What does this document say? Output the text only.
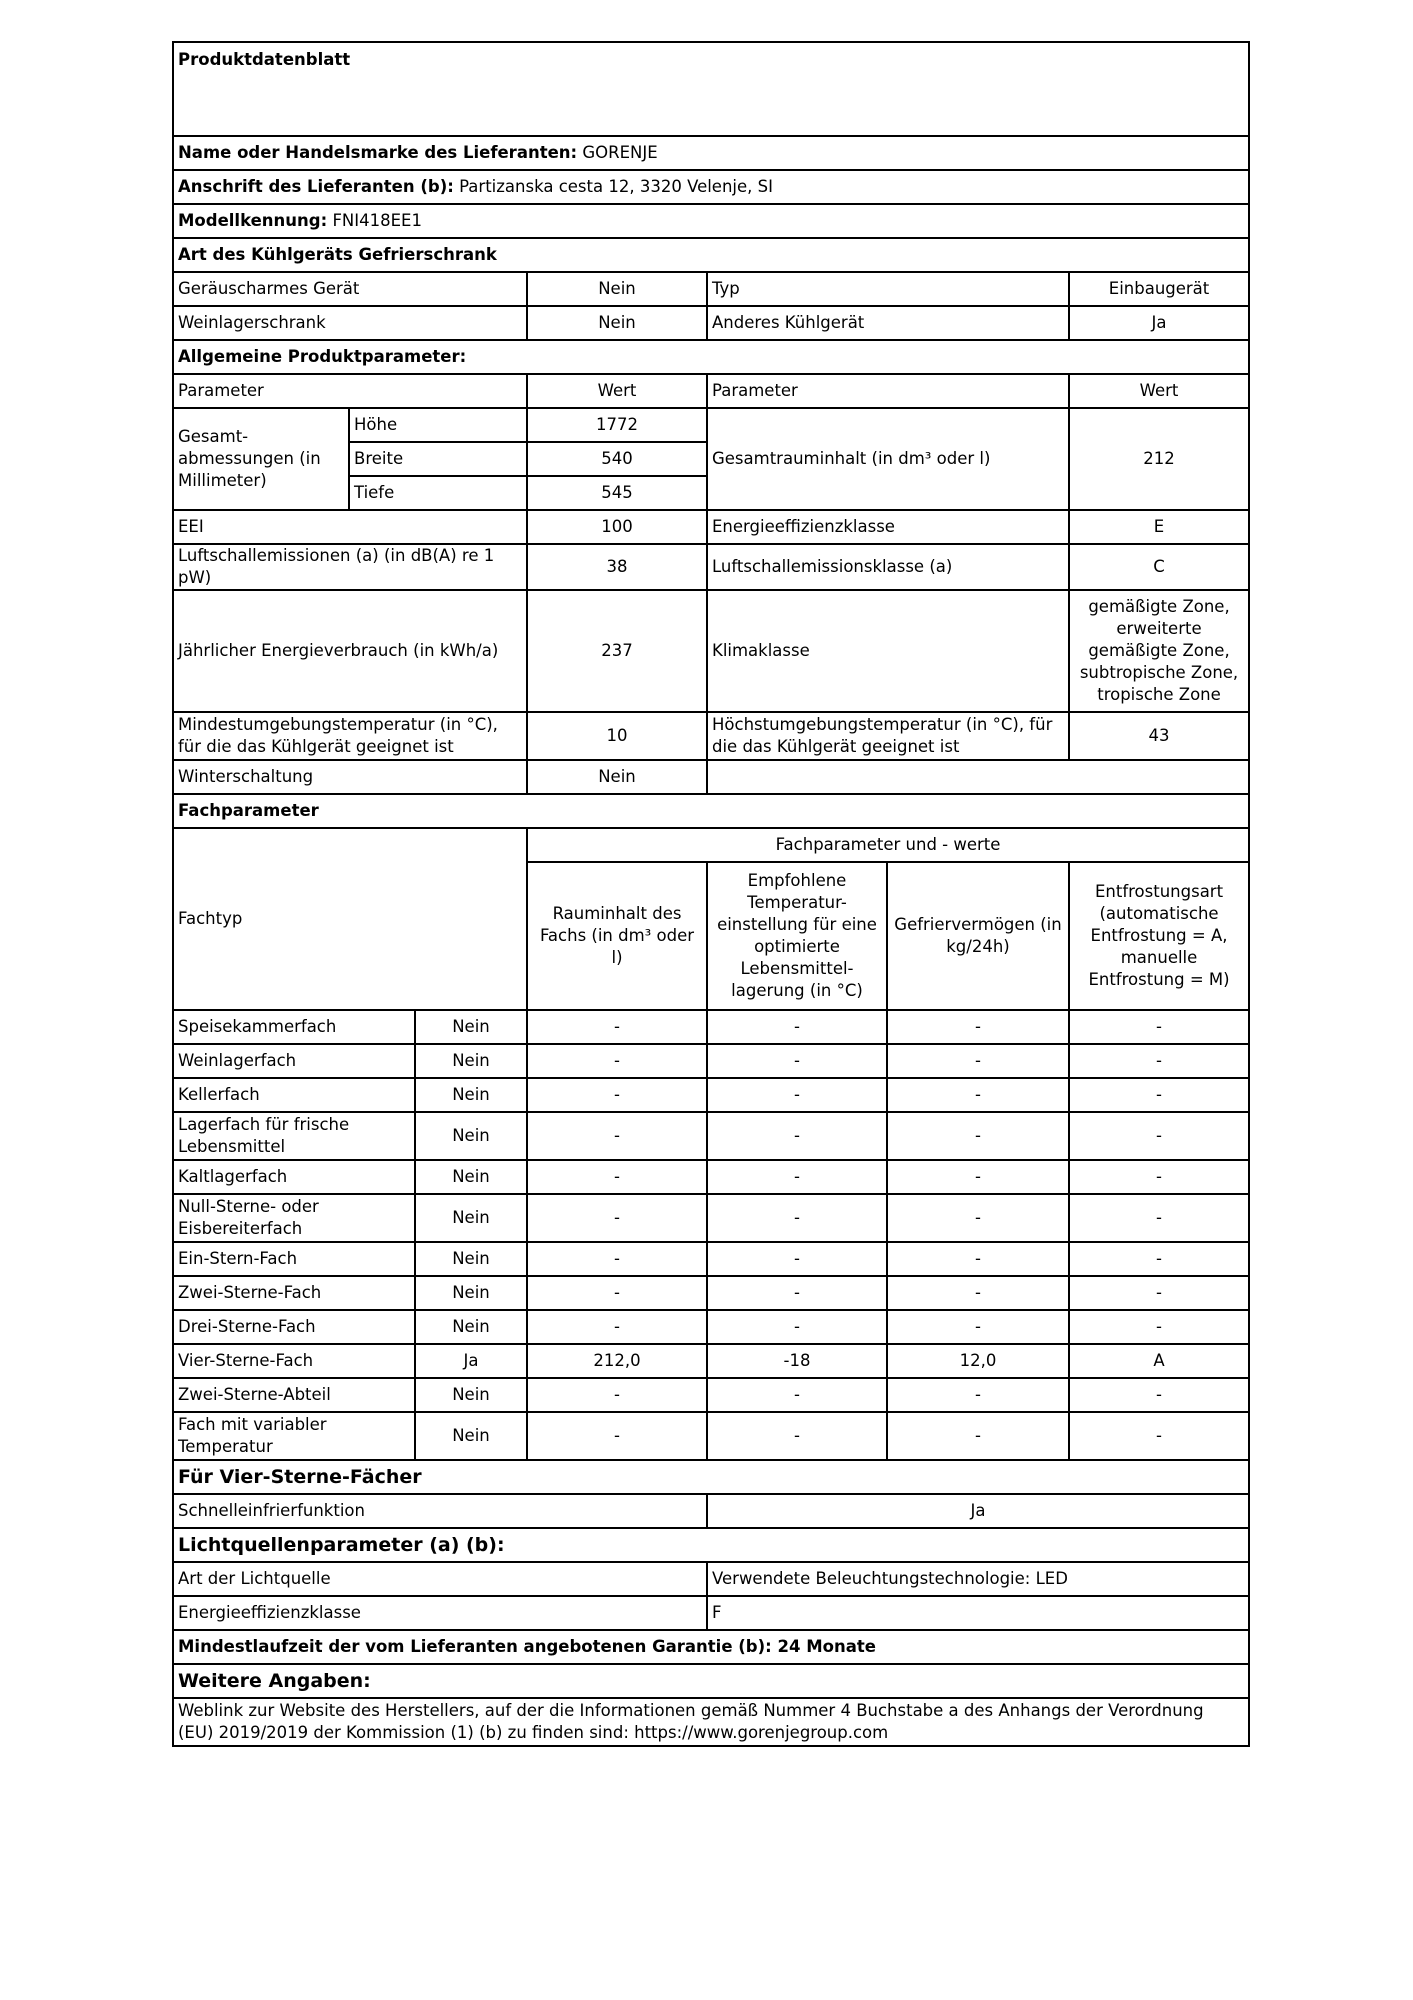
Produktdatenblatt						
Name oder Handelsmarke des Lieferanten: GORENJE						
Anschrift des Lieferanten (b): Partizanska cesta 12, 3320 Velenje, SI						
Modellkennung: FNI418EE1						
Art des Kühlgeräts Gefrierschrank						
Geräuscharmes Gerät			Nein	Typ		Einbaugerät
Weinlagerschrank			Nein	Anderes Kühlgerät		Ja
Allgemeine Produktparameter:						
Parameter			Wert	Parameter		Wert
Gesamt-abmessungen (in Millimeter)	Höhe		1772	Gesamtrauminhalt (in dm³ oder l)		212
	Breite		540			
	Tiefe		545			
EEI			100	Energieeffizienzklasse		E
Luftschallemissionen (a) (in dB(A) re 1 pW)			38	Luftschallemissionsklasse (a)		C
Jährlicher Energieverbrauch (in kWh/a)			237	Klimaklasse		gemäßigte Zone, erweiterte gemäßigte Zone, subtropische Zone, tropische Zone
Mindestumgebungstemperatur (in °C), für die das Kühlgerät geeignet ist			10	Höchstumgebungstemperatur (in °C), für die das Kühlgerät geeignet ist		43
Winterschaltung			Nein			
Fachparameter						
Fachtyp			Fachparameter und - werte			
			Rauminhalt des Fachs (in dm³ oder l)	Empfohlene Temperatur-einstellung für eine optimierte Lebensmittel-lagerung (in °C)	Gefriervermögen (in kg/24h)	Entfrostungsart (automatische Entfrostung = A, manuelle Entfrostung = M)
Speisekammerfach		Nein	-	-	-	-
Weinlagerfach		Nein	-	-	-	-
Kellerfach		Nein	-	-	-	-
Lagerfach für frische Lebensmittel		Nein	-	-	-	-
Kaltlagerfach		Nein	-	-	-	-
Null-Sterne- oder Eisbereiterfach		Nein	-	-	-	-
Ein-Stern-Fach		Nein	-	-	-	-
Zwei-Sterne-Fach		Nein	-	-	-	-
Drei-Sterne-Fach		Nein	-	-	-	-
Vier-Sterne-Fach		Ja	212,0	-18	12,0	A
Zwei-Sterne-Abteil		Nein	-	-	-	-
Fach mit variabler Temperatur		Nein	-	-	-	-
Für Vier-Sterne-Fächer						
Schnelleinfrierfunktion				Ja		
Lichtquellenparameter (a) (b):						
Art der Lichtquelle				Verwendete Beleuchtungstechnologie: LED		
Energieeffizienzklasse				F		
Mindestlaufzeit der vom Lieferanten angebotenen Garantie (b): 24 Monate						
Weitere Angaben:						
Weblink zur Website des Herstellers, auf der die Informationen gemäß Nummer 4 Buchstabe a des Anhangs der Verordnung (EU) 2019/2019 der Kommission (1) (b) zu finden sind: https://www.gorenjegroup.com						
